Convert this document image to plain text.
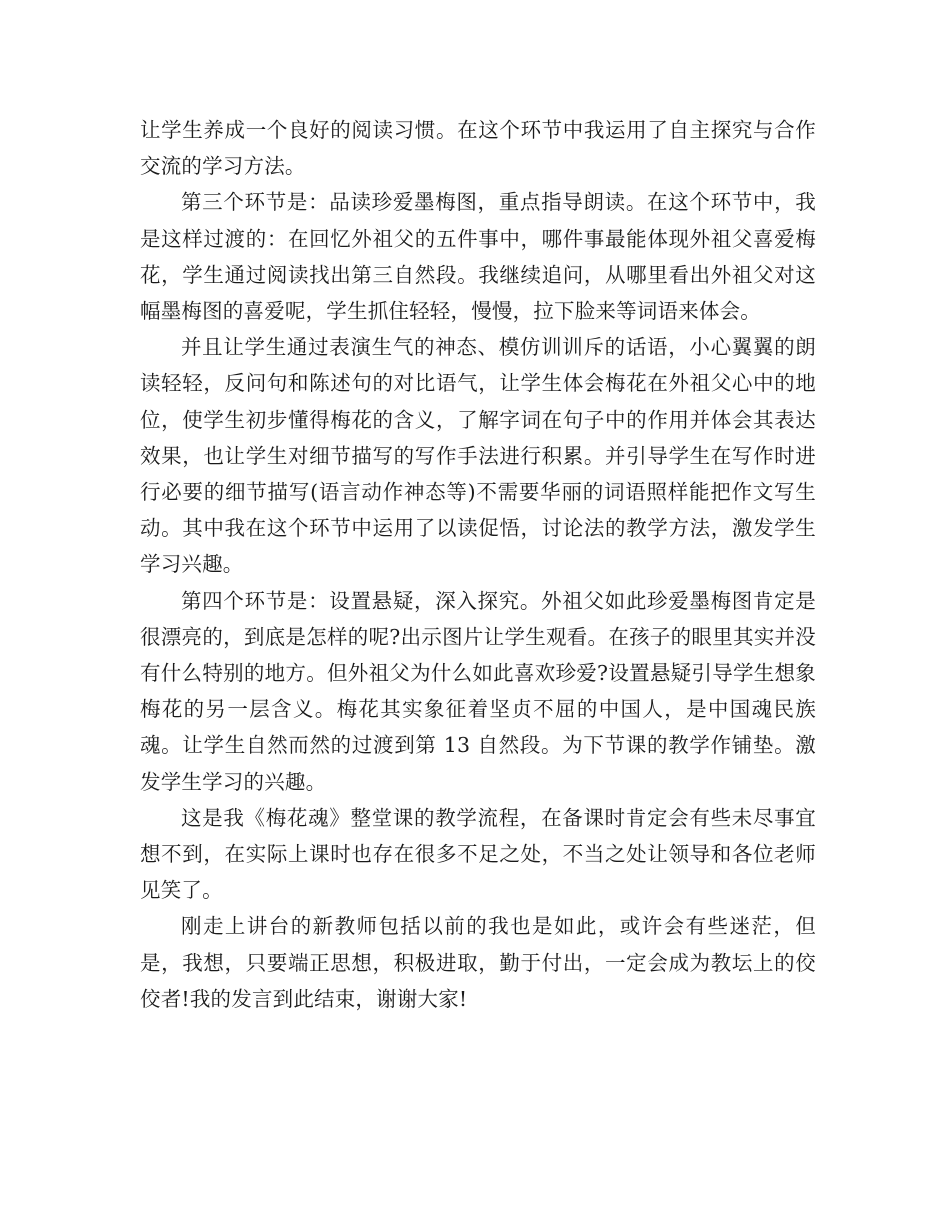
让学生养成一个良好的阅读习惯。在这个环节中我运用了自主探究与合作交流的学习方法。

第三个环节是：品读珍爱墨梅图，重点指导朗读。在这个环节中，我是这样过渡的：在回忆外祖父的五件事中，哪件事最能体现外祖父喜爱梅花，学生通过阅读找出第三自然段。我继续追问，从哪里看出外祖父对这幅墨梅图的喜爱呢，学生抓住轻轻，慢慢，拉下脸来等词语来体会。

并且让学生通过表演生气的神态、模仿训训斥的话语，小心翼翼的朗读轻轻，反问句和陈述句的对比语气，让学生体会梅花在外祖父心中的地位，使学生初步懂得梅花的含义，了解字词在句子中的作用并体会其表达效果，也让学生对细节描写的写作手法进行积累。并引导学生在写作时进行必要的细节描写(语言动作神态等)不需要华丽的词语照样能把作文写生动。其中我在这个环节中运用了以读促悟，讨论法的教学方法，激发学生学习兴趣。

第四个环节是：设置悬疑，深入探究。外祖父如此珍爱墨梅图肯定是很漂亮的，到底是怎样的呢?出示图片让学生观看。在孩子的眼里其实并没有什么特别的地方。但外祖父为什么如此喜欢珍爱?设置悬疑引导学生想象梅花的另一层含义。梅花其实象征着坚贞不屈的中国人，是中国魂民族魂。让学生自然而然的过渡到第 13 自然段。为下节课的教学作铺垫。激发学生学习的兴趣。

这是我《梅花魂》整堂课的教学流程，在备课时肯定会有些未尽事宜想不到，在实际上课时也存在很多不足之处，不当之处让领导和各位老师见笑了。

刚走上讲台的新教师包括以前的我也是如此，或许会有些迷茫，但是，我想，只要端正思想，积极进取，勤于付出，一定会成为教坛上的佼佼者!我的发言到此结束，谢谢大家!
